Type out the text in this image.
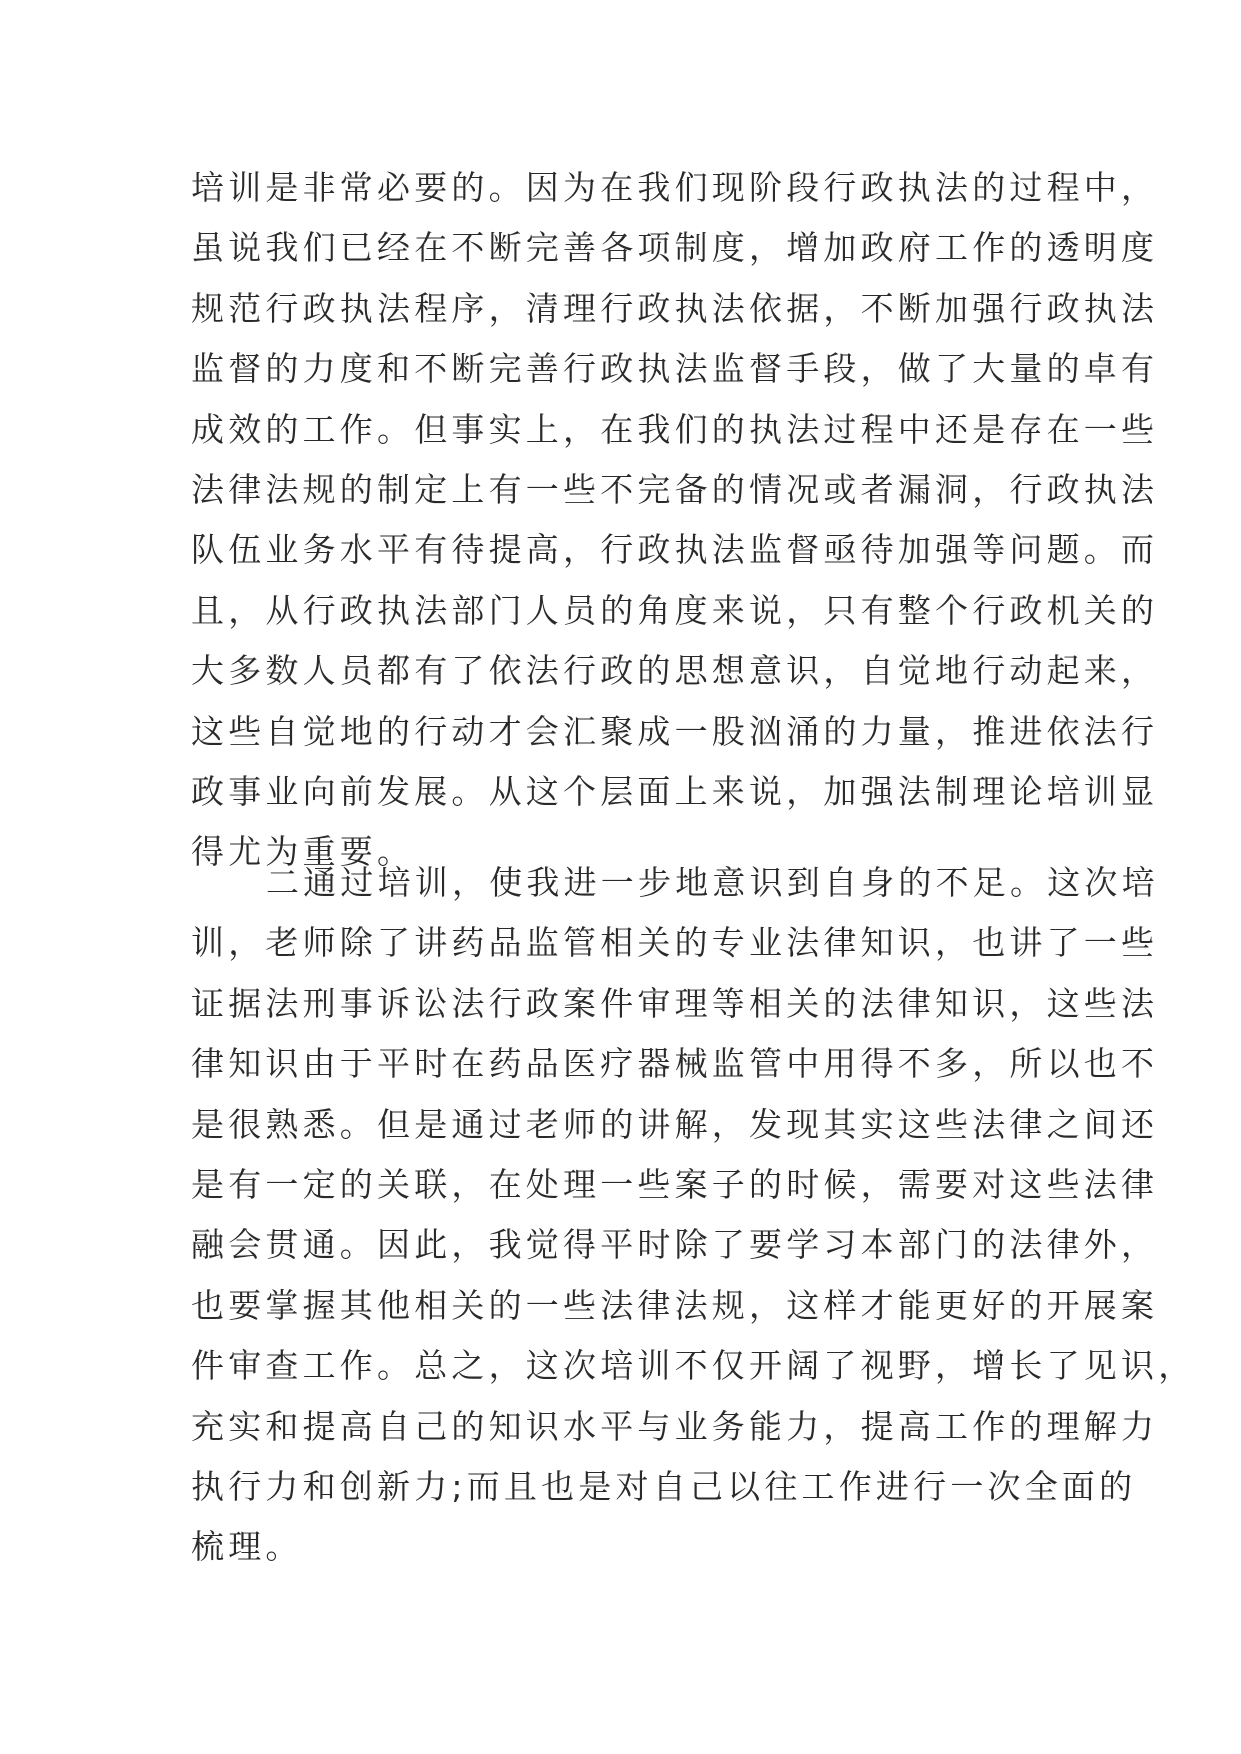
培训是非常必要的。因为在我们现阶段行政执法的过程中，
虽说我们已经在不断完善各项制度，增加政府工作的透明度
规范行政执法程序，清理行政执法依据，不断加强行政执法
监督的力度和不断完善行政执法监督手段，做了大量的卓有
成效的工作。但事实上，在我们的执法过程中还是存在一些
法律法规的制定上有一些不完备的情况或者漏洞，行政执法
队伍业务水平有待提高，行政执法监督亟待加强等问题。而
且，从行政执法部门人员的角度来说，只有整个行政机关的
大多数人员都有了依法行政的思想意识，自觉地行动起来，
这些自觉地的行动才会汇聚成一股汹涌的力量，推进依法行
政事业向前发展。从这个层面上来说，加强法制理论培训显
得尤为重要。
二通过培训，使我进一步地意识到自身的不足。这次培
训，老师除了讲药品监管相关的专业法律知识，也讲了一些
证据法刑事诉讼法行政案件审理等相关的法律知识，这些法
律知识由于平时在药品医疗器械监管中用得不多，所以也不
是很熟悉。但是通过老师的讲解，发现其实这些法律之间还
是有一定的关联，在处理一些案子的时候，需要对这些法律
融会贯通。因此，我觉得平时除了要学习本部门的法律外，
也要掌握其他相关的一些法律法规，这样才能更好的开展案
件审查工作。总之，这次培训不仅开阔了视野，增长了见识，
充实和提高自己的知识水平与业务能力，提高工作的理解力
执行力和创新力;而且也是对自己以往工作进行一次全面的
梳理。
